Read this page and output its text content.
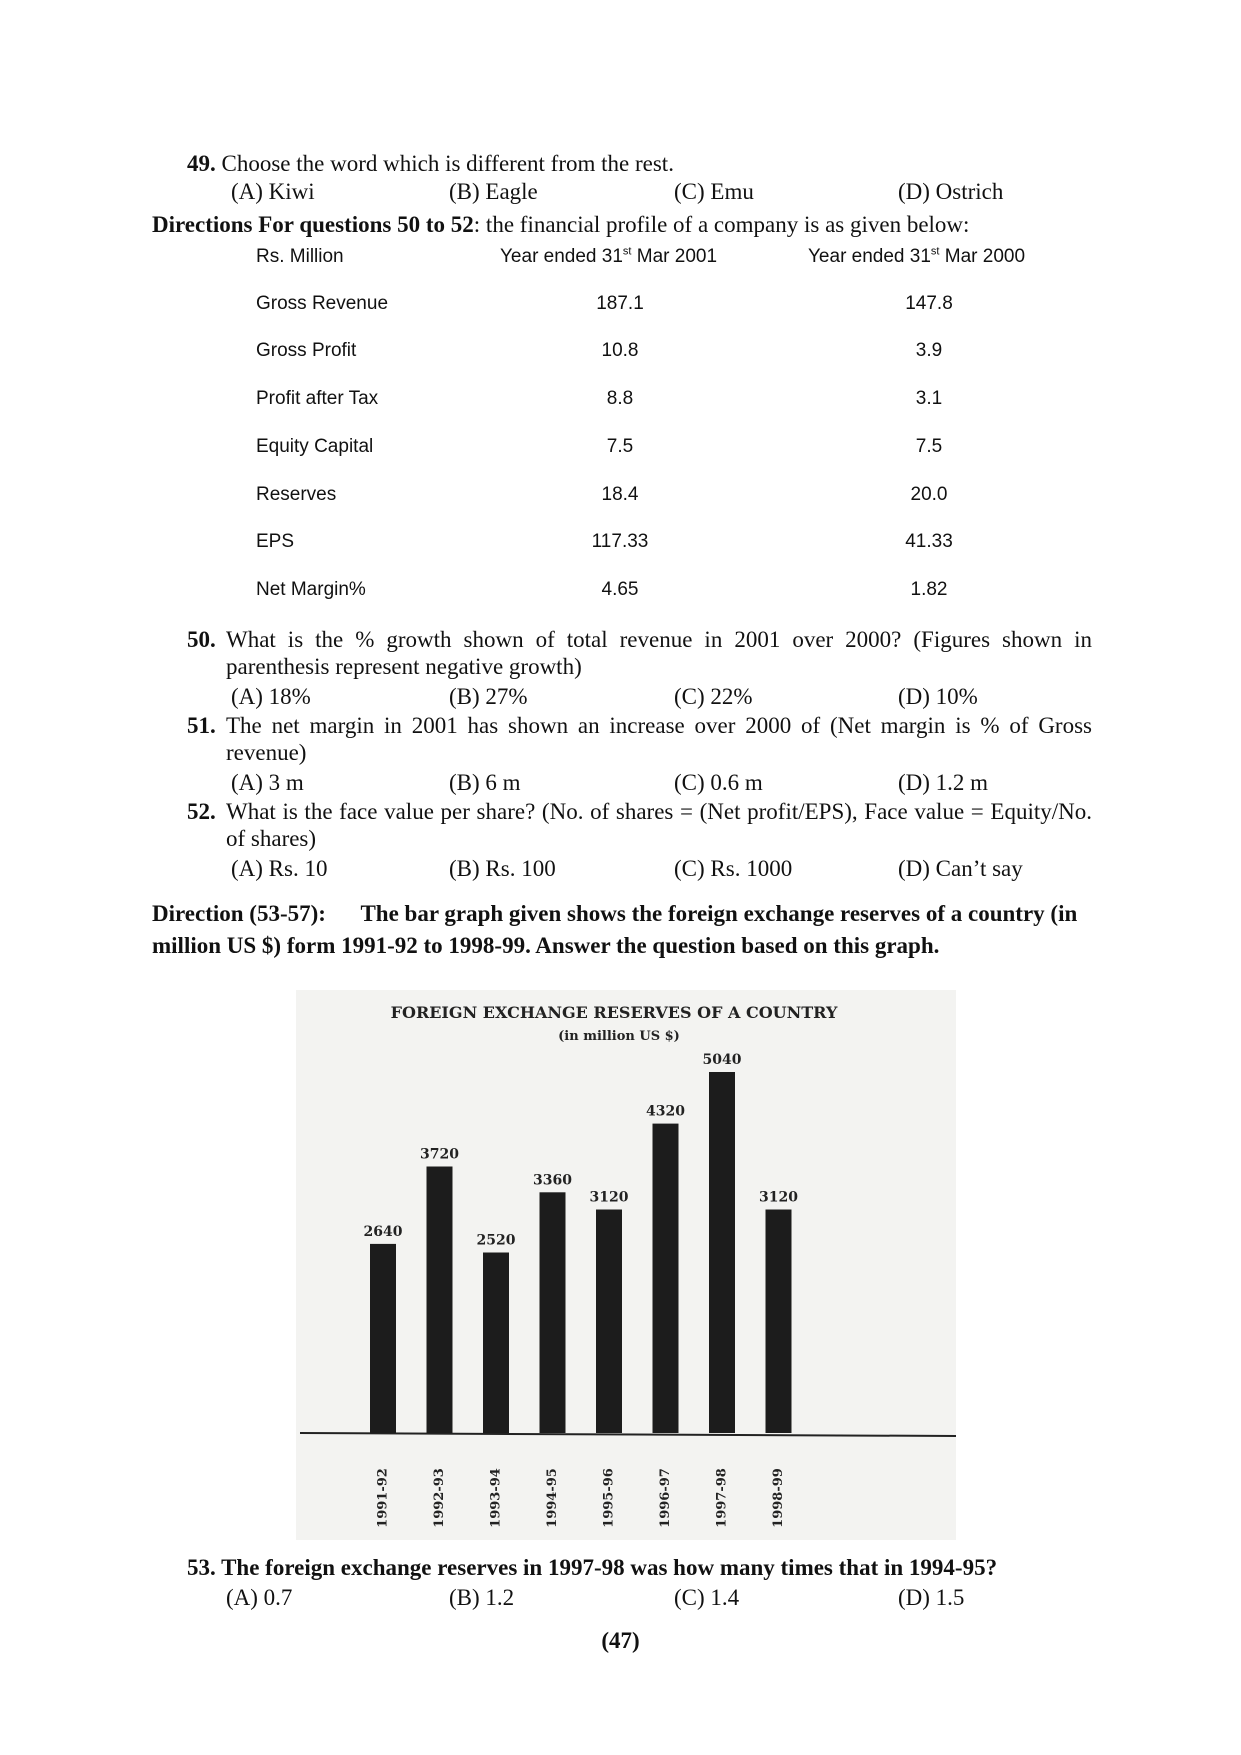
49. Choose the word which is different from the rest.
(A) Kiwi	(B) Eagle	(C) Emu	(D) Ostrich
Directions For questions 50 to 52: the financial profile of a company is as given below:
Rs. Million	Year ended 31st Mar 2001	Year ended 31st Mar 2000
Gross Revenue	187.1	147.8
Gross Profit	10.8	3.9
Profit after Tax	8.8	3.1
Equity Capital	7.5	7.5
Reserves	18.4	20.0
EPS	117.33	41.33
Net Margin%	4.65	1.82
50. What is the % growth shown of total revenue in 2001 over 2000? (Figures shown in parenthesis represent negative growth)
(A) 18%	(B) 27%	(C) 22%	(D) 10%
51. The net margin in 2001 has shown an increase over 2000 of (Net margin is % of Gross revenue)
(A) 3 m	(B) 6 m	(C) 0.6 m	(D) 1.2 m
52. What is the face value per share? (No. of shares = (Net profit/EPS), Face value = Equity/No. of shares)
(A) Rs. 10	(B) Rs. 100	(C) Rs. 1000	(D) Can’t say
Direction (53-57): The bar graph given shows the foreign exchange reserves of a country (in million US $) form 1991-92 to 1998-99. Answer the question based on this graph.
FOREIGN EXCHANGE RESERVES OF A COUNTRY
(in million US $)
2640
1991-92
3720
1992-93
2520
1993-94
3360
1994-95
3120
1995-96
4320
1996-97
5040
1997-98
3120
1998-99
53. The foreign exchange reserves in 1997-98 was how many times that in 1994-95?
(A) 0.7	(B) 1.2	(C) 1.4	(D) 1.5
(47)
